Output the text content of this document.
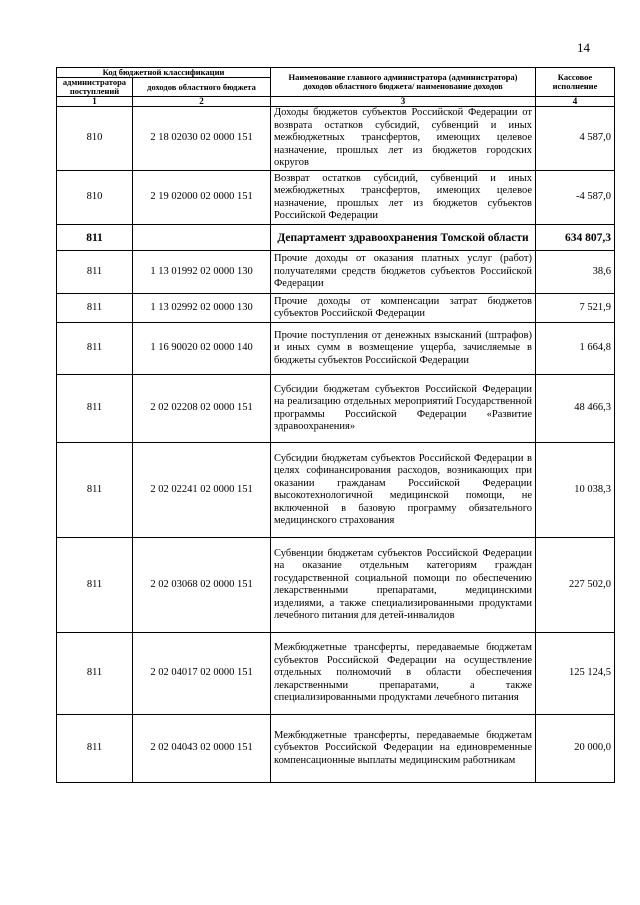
14
Код бюджетной классификации		Наименование главного администратора (администратора) доходов областного бюджета/ наименование доходов	Кассовое исполнение
администратора поступлений	доходов областного бюджета		
1	2	3	4
810	2 18 02030 02 0000 151	Доходы бюджетов субъектов Российской Федерации от возврата остатков субсидий, субвенций и иных межбюджетных трансфертов, имеющих целевое назначение, прошлых лет из бюджетов городских округов	4 587,0
810	2 19 02000 02 0000 151	Возврат остатков субсидий, субвенций и иных межбюджетных трансфертов, имеющих целевое назначение, прошлых лет из бюджетов субъектов Российской Федерации	-4 587,0
811		Департамент здравоохранения Томской области	634 807,3
811	1 13 01992 02 0000 130	Прочие доходы от оказания платных услуг (работ) получателями средств бюджетов субъектов Российской Федерации	38,6
811	1 13 02992 02 0000 130	Прочие доходы от компенсации затрат бюджетов субъектов Российской Федерации	7 521,9
811	1 16 90020 02 0000 140	Прочие поступления от денежных взысканий (штрафов) и иных сумм в возмещение ущерба, зачисляемые в бюджеты субъектов Российской Федерации	1 664,8
811	2 02 02208 02 0000 151	Субсидии бюджетам субъектов Российской Федерации на реализацию отдельных мероприятий Государственной программы Российской Федерации «Развитие здравоохранения»	48 466,3
811	2 02 02241 02 0000 151	Субсидии бюджетам субъектов Российской Федерации в целях софинансирования расходов, возникающих при оказании гражданам Российской Федерации высокотехнологичной медицинской помощи, не включенной в базовую программу обязательного медицинского страхования	10 038,3
811	2 02 03068 02 0000 151	Субвенции бюджетам субъектов Российской Федерации на оказание отдельным категориям граждан государственной социальной помощи по обеспечению лекарственными препаратами, медицинскими изделиями, а также специализированными продуктами лечебного питания для детей-инвалидов	227 502,0
811	2 02 04017 02 0000 151	Межбюджетные трансферты, передаваемые бюджетам субъектов Российской Федерации на осуществление отдельных полномочий в области обеспечения лекарственными препаратами, а также специализированными продуктами лечебного питания	125 124,5
811	2 02 04043 02 0000 151	Межбюджетные трансферты, передаваемые бюджетам субъектов Российской Федерации на единовременные компенсационные выплаты медицинским работникам	20 000,0
